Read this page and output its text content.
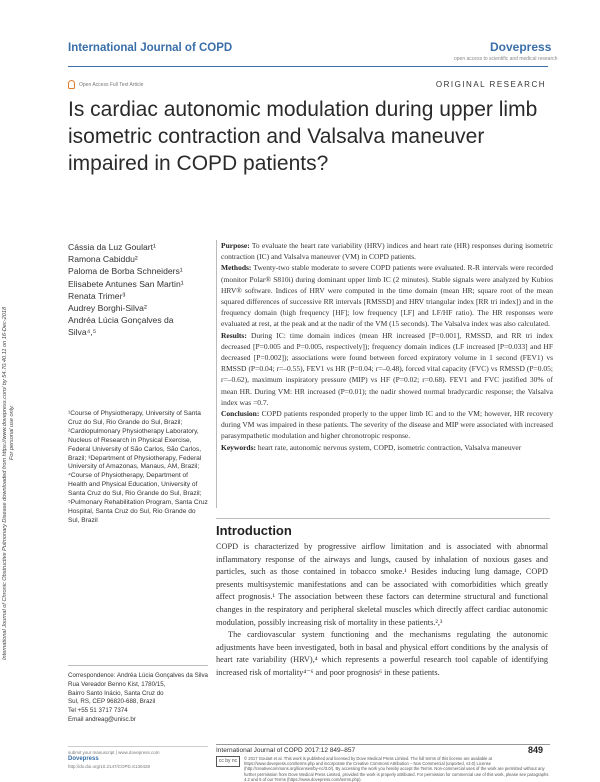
International Journal of Chronic Obstructive Pulmonary Disease downloaded from https://www.dovepress.com/ by 54.70.40.11 on 16-Dec-2018
For personal use only.
International Journal of COPD	Dovepress
open access to scientific and medical research
Open Access Full Text Article	ORIGINAL RESEARCH
Is cardiac autonomic modulation during upper limb isometric contraction and Valsalva maneuver impaired in COPD patients?
Cássia da Luz Goulart¹
Ramona Cabiddu²
Paloma de Borba Schneiders¹
Elisabete Antunes San Martin¹
Renata Trimer³
Audrey Borghi-Silva²
Andréa Lúcia Gonçalves da Silva⁴,⁵
¹Course of Physiotherapy, University of Santa Cruz do Sul, Rio Grande do Sul, Brazil; ²Cardiopulmonary Physiotherapy Laboratory, Nucleus of Research in Physical Exercise, Federal University of São Carlos, São Carlos, Brazil; ³Department of Physiotherapy, Federal University of Amazonas, Manaus, AM, Brazil; ⁴Course of Physiotherapy, Department of Health and Physical Education, University of Santa Cruz do Sul, Rio Grande do Sul, Brazil; ⁵Pulmonary Rehabilitation Program, Santa Cruz Hospital, Santa Cruz do Sul, Rio Grande do Sul, Brazil
Correspondence: Andréa Lúcia Gonçalves da Silva
Rua Vereador Benno Kist, 1780/15,
Bairro Santo Inácio, Santa Cruz do
Sul, RS, CEP 96820-688, Brazil
Tel +55 51 3717 7374
Email andreag@unisc.br
Purpose: To evaluate the heart rate variability (HRV) indices and heart rate (HR) responses during isometric contraction (IC) and Valsalva maneuver (VM) in COPD patients.
Methods: Twenty-two stable moderate to severe COPD patients were evaluated. R-R intervals were recorded (monitor Polar® S810i) during dominant upper limb IC (2 minutes). Stable signals were analyzed by Kubios HRV® software. Indices of HRV were computed in the time domain (mean HR; square root of the mean squared differences of successive RR intervals [RMSSD] and HRV triangular index [RR tri index]) and in the frequency domain (high frequency [HF]; low frequency [LF] and LF/HF ratio). The HR responses were evaluated at rest, at the peak and at the nadir of the VM (15 seconds). The Valsalva index was also calculated.
Results: During IC: time domain indices (mean HR increased [P=0.001], RMSSD, and RR tri index decreased [P=0.005 and P=0.005, respectively]); frequency domain indices (LF increased [P=0.033] and HF decreased [P=0.002]); associations were found between forced expiratory volume in 1 second (FEV1) vs RMSSD (P=0.04; r=–0.55), FEV1 vs HR (P=0.04; r=–0.48), forced vital capacity (FVC) vs RMSSD (P=0.05; r=–0.62), maximum inspiratory pressure (MIP) vs HF (P=0.02; r=0.68). FEV1 and FVC justified 30% of mean HR. During VM: HR increased (P=0.01); the nadir showed normal bradycardic response; the Valsalva index was =0.7.
Conclusion: COPD patients responded properly to the upper limb IC and to the VM; however, HR recovery during VM was impaired in these patients. The severity of the disease and MIP were associated with increased parasympathetic modulation and higher chronotropic response.
Keywords: heart rate, autonomic nervous system, COPD, isometric contraction, Valsalva maneuver
Introduction

COPD is characterized by progressive airflow limitation and is associated with abnormal inflammatory response of the airways and lungs, caused by inhalation of noxious gases and particles, such as those contained in tobacco smoke.¹ Besides inducing lung damage, COPD presents multisystemic manifestations and can be associated with comorbidities which greatly affect prognosis.¹ The association between these factors can determine structural and functional changes in the respiratory and peripheral skeletal muscles which directly affect cardiac autonomic modulation, possibly increasing risk of mortality in these patients.²,³

The cardiovascular system functioning and the mechanisms regulating the autonomic adjustments have been investigated, both in basal and physical effort conditions by the analysis of heart rate variability (HRV),⁴ which represents a powerful research tool capable of identifying increased risk of mortality⁴⁻⁶ and poor prognosis⁶ in these patients.

submit your manuscript | www.dovepress.com
Dovepress
http://dx.doi.org/10.2147/COPD.S130428
International Journal of COPD 2017:12 849–857	849
cc by nc	© 2017 Goulart et al. This work is published and licensed by Dove Medical Press Limited. The full terms of this license are available at https://www.dovepress.com/terms.php and incorporate the Creative Commons Attribution – Non Commercial (unported, v3.0) License (http://creativecommons.org/licenses/by-nc/3.0/). By accessing the work you hereby accept the Terms. Non-commercial uses of the work are permitted without any further permission from Dove Medical Press Limited, provided the work is properly attributed. For permission for commercial use of this work, please see paragraphs 4.2 and 5 of our Terms (https://www.dovepress.com/terms.php).
